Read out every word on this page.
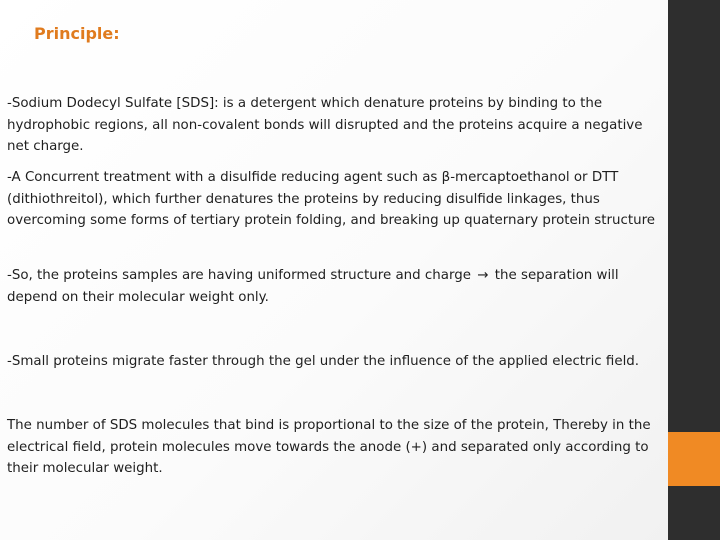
Principle:
-Sodium Dodecyl Sulfate [SDS]: is a detergent which denature proteins by binding to the hydrophobic regions, all non-covalent bonds will disrupted and the proteins acquire a negative net charge.
-A Concurrent treatment with a disulfide reducing agent such as β-mercaptoethanol or DTT (dithiothreitol), which further denatures the proteins by reducing disulfide linkages, thus overcoming some forms of tertiary protein folding, and breaking up quaternary protein structure
-So, the proteins samples are having uniformed structure and charge → the separation will depend on their molecular weight only.
-Small proteins migrate faster through the gel under the influence of the applied electric field.
The number of SDS molecules that bind is proportional to the size of the protein, Thereby in the electrical field, protein molecules move towards the anode (+) and separated only according to their molecular weight.
